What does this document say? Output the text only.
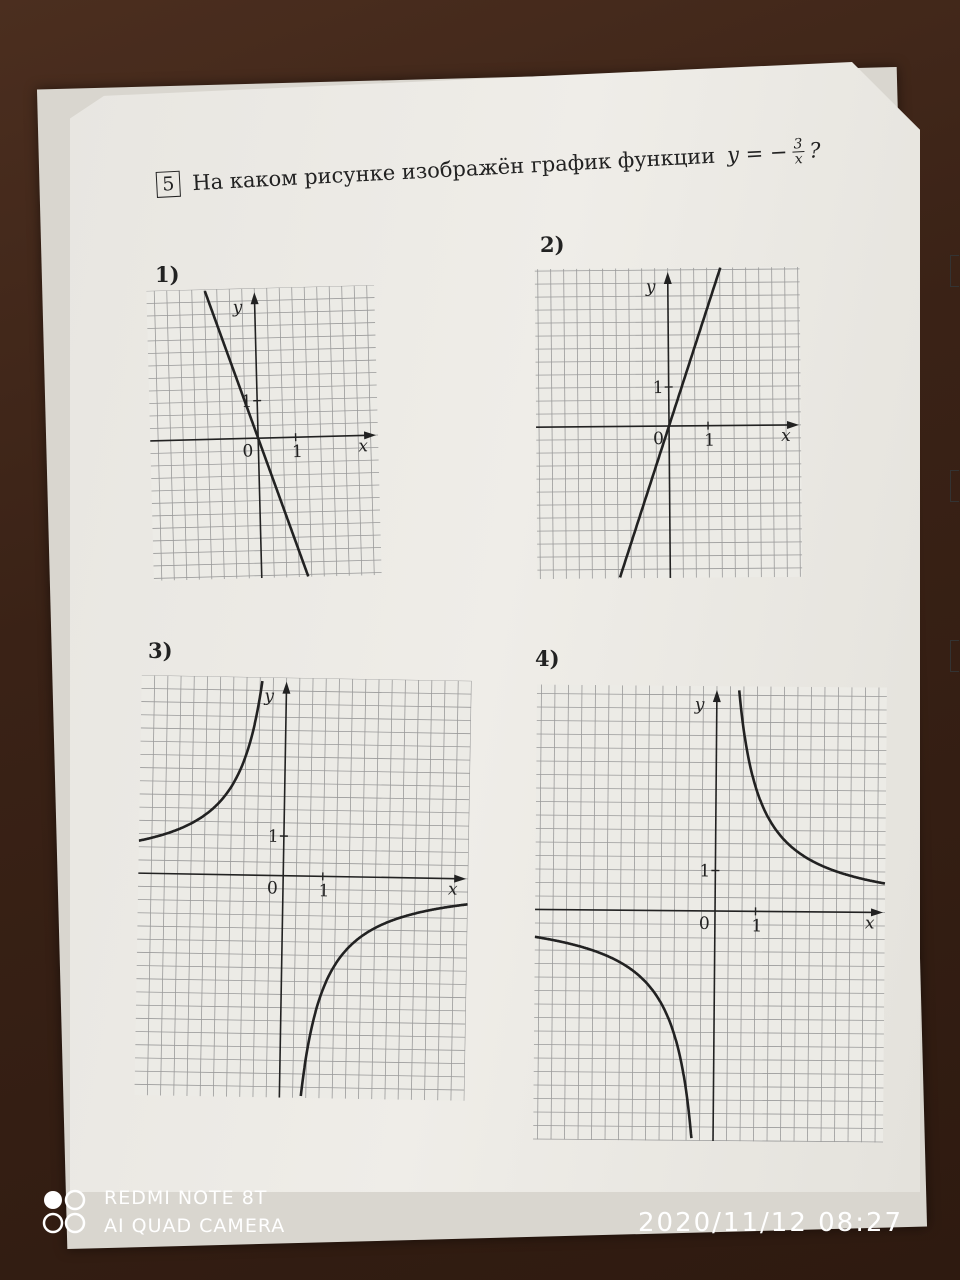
5 На каком рисунке изображён график функции y = − $\frac{3}{x}$ ?
1)
2)
3)	4)
x
y
0 1
1
x
y
0 1
1
x
y
0 1
1
x
y
0 1
1
REDMI NOTE 8T
AI QUAD CAMERA	2020/11/12 08:27
